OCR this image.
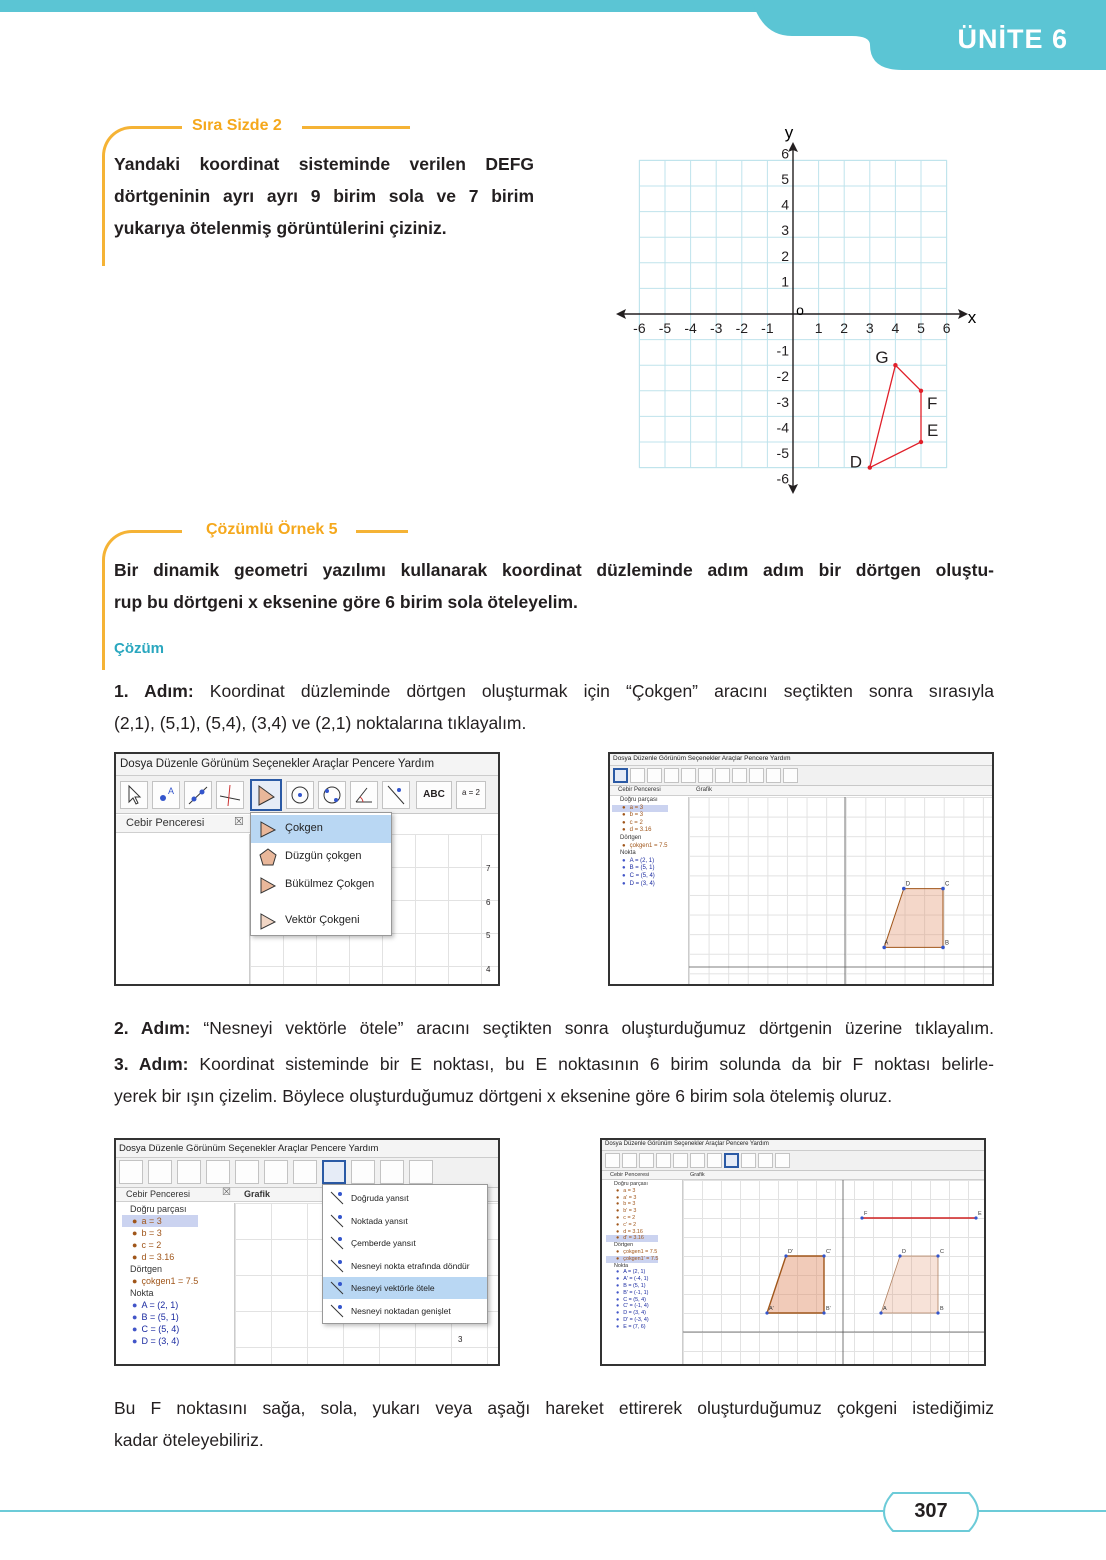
ÜNİTE 6
Sıra Sizde 2
Yandaki koordinat sisteminde verilen DEFG
dörtgeninin ayrı ayrı 9 birim sola ve 7 birim
yukarıya ötelenmiş görüntülerini çiziniz.
-6 -5 -4 -3 -2 -1	1 2 3 4 5 6
6
5
4
3
2
1
-1
-2
-3
-4
-5
-6
D
E
F
G
y
x
o
Çözümlü Örnek 5
Bir dinamik geometri yazılımı kullanarak koordinat düzleminde adım adım bir dörtgen oluştu-
rup bu dörtgeni x eksenine göre 6 birim sola öteleyelim.
Çözüm
1. Adım: Koordinat düzleminde dörtgen oluşturmak için “Çokgen” aracını seçtikten sonra sırasıyla
(2,1), (5,1), (5,4), (3,4) ve (2,1) noktalarına tıklayalım.
Dosya Düzenle Görünüm Seçenekler Araçlar Pencere Yardım
A	ABC	a = 2
Cebir Penceresi	☒
7
6
5
4
Çokgen
Düzgün çokgen
Bükülmez Çokgen
Vektör Çokgeni
Dosya Düzenle Görünüm Seçenekler Araçlar Pencere Yardım
Cebir Penceresi	Grafik
Doğru parçası
● a = 3
● b = 3
● c = 2
● d = 3.16
Dörtgen
● çokgen1 = 7.5
Nokta
● A = (2, 1)
● B = (5, 1)
● C = (5, 4)
● D = (3, 4)
A	B
C
D
2. Adım: “Nesneyi vektörle ötele” aracını seçtikten sonra oluşturduğumuz dörtgenin üzerine tıklayalım.
3. Adım: Koordinat sisteminde bir E noktası, bu E noktasının 6 birim solunda da bir F noktası belirle-
yerek bir ışın çizelim. Böylece oluşturduğumuz dörtgeni x eksenine göre 6 birim sola ötelemiş oluruz.
Dosya Düzenle Görünüm Seçenekler Araçlar Pencere Yardım
Cebir Penceresi	☒	Grafik
Doğru parçası
● a = 3
● b = 3
● c = 2
● d = 3.16
Dörtgen
● çokgen1 = 7.5
Nokta
● A = (2, 1)
● B = (5, 1)
● C = (5, 4)
● D = (3, 4)	3
Doğruda yansıt
Noktada yansıt
Çemberde yansıt
Nesneyi nokta etrafında döndür
Nesneyi vektörle ötele
Nesneyi noktadan genişlet
Dosya Düzenle Görünüm Seçenekler Araçlar Pencere Yardım
Cebir Penceresi	Grafik
Doğru parçası
● a = 3
● a' = 3
● b = 3
● b' = 3
● c = 2
● c' = 2
● d = 3.16
● d' = 3.16
Dörtgen
● çokgen1 = 7.5
● çokgen1' = 7.5
Nokta
● A = (2, 1)
● A' = (-4, 1)
● B = (5, 1)
● B' = (-1, 1)
● C = (5, 4)
● C' = (-1, 4)
● D = (3, 4)
● D' = (-3, 4)
● E = (7, 6)
A	B
C
D
A'	B'
C'
D'
F	E
Bu F noktasını sağa, sola, yukarı veya aşağı hareket ettirerek oluşturduğumuz çokgeni istediğimiz
kadar öteleyebiliriz.
307
